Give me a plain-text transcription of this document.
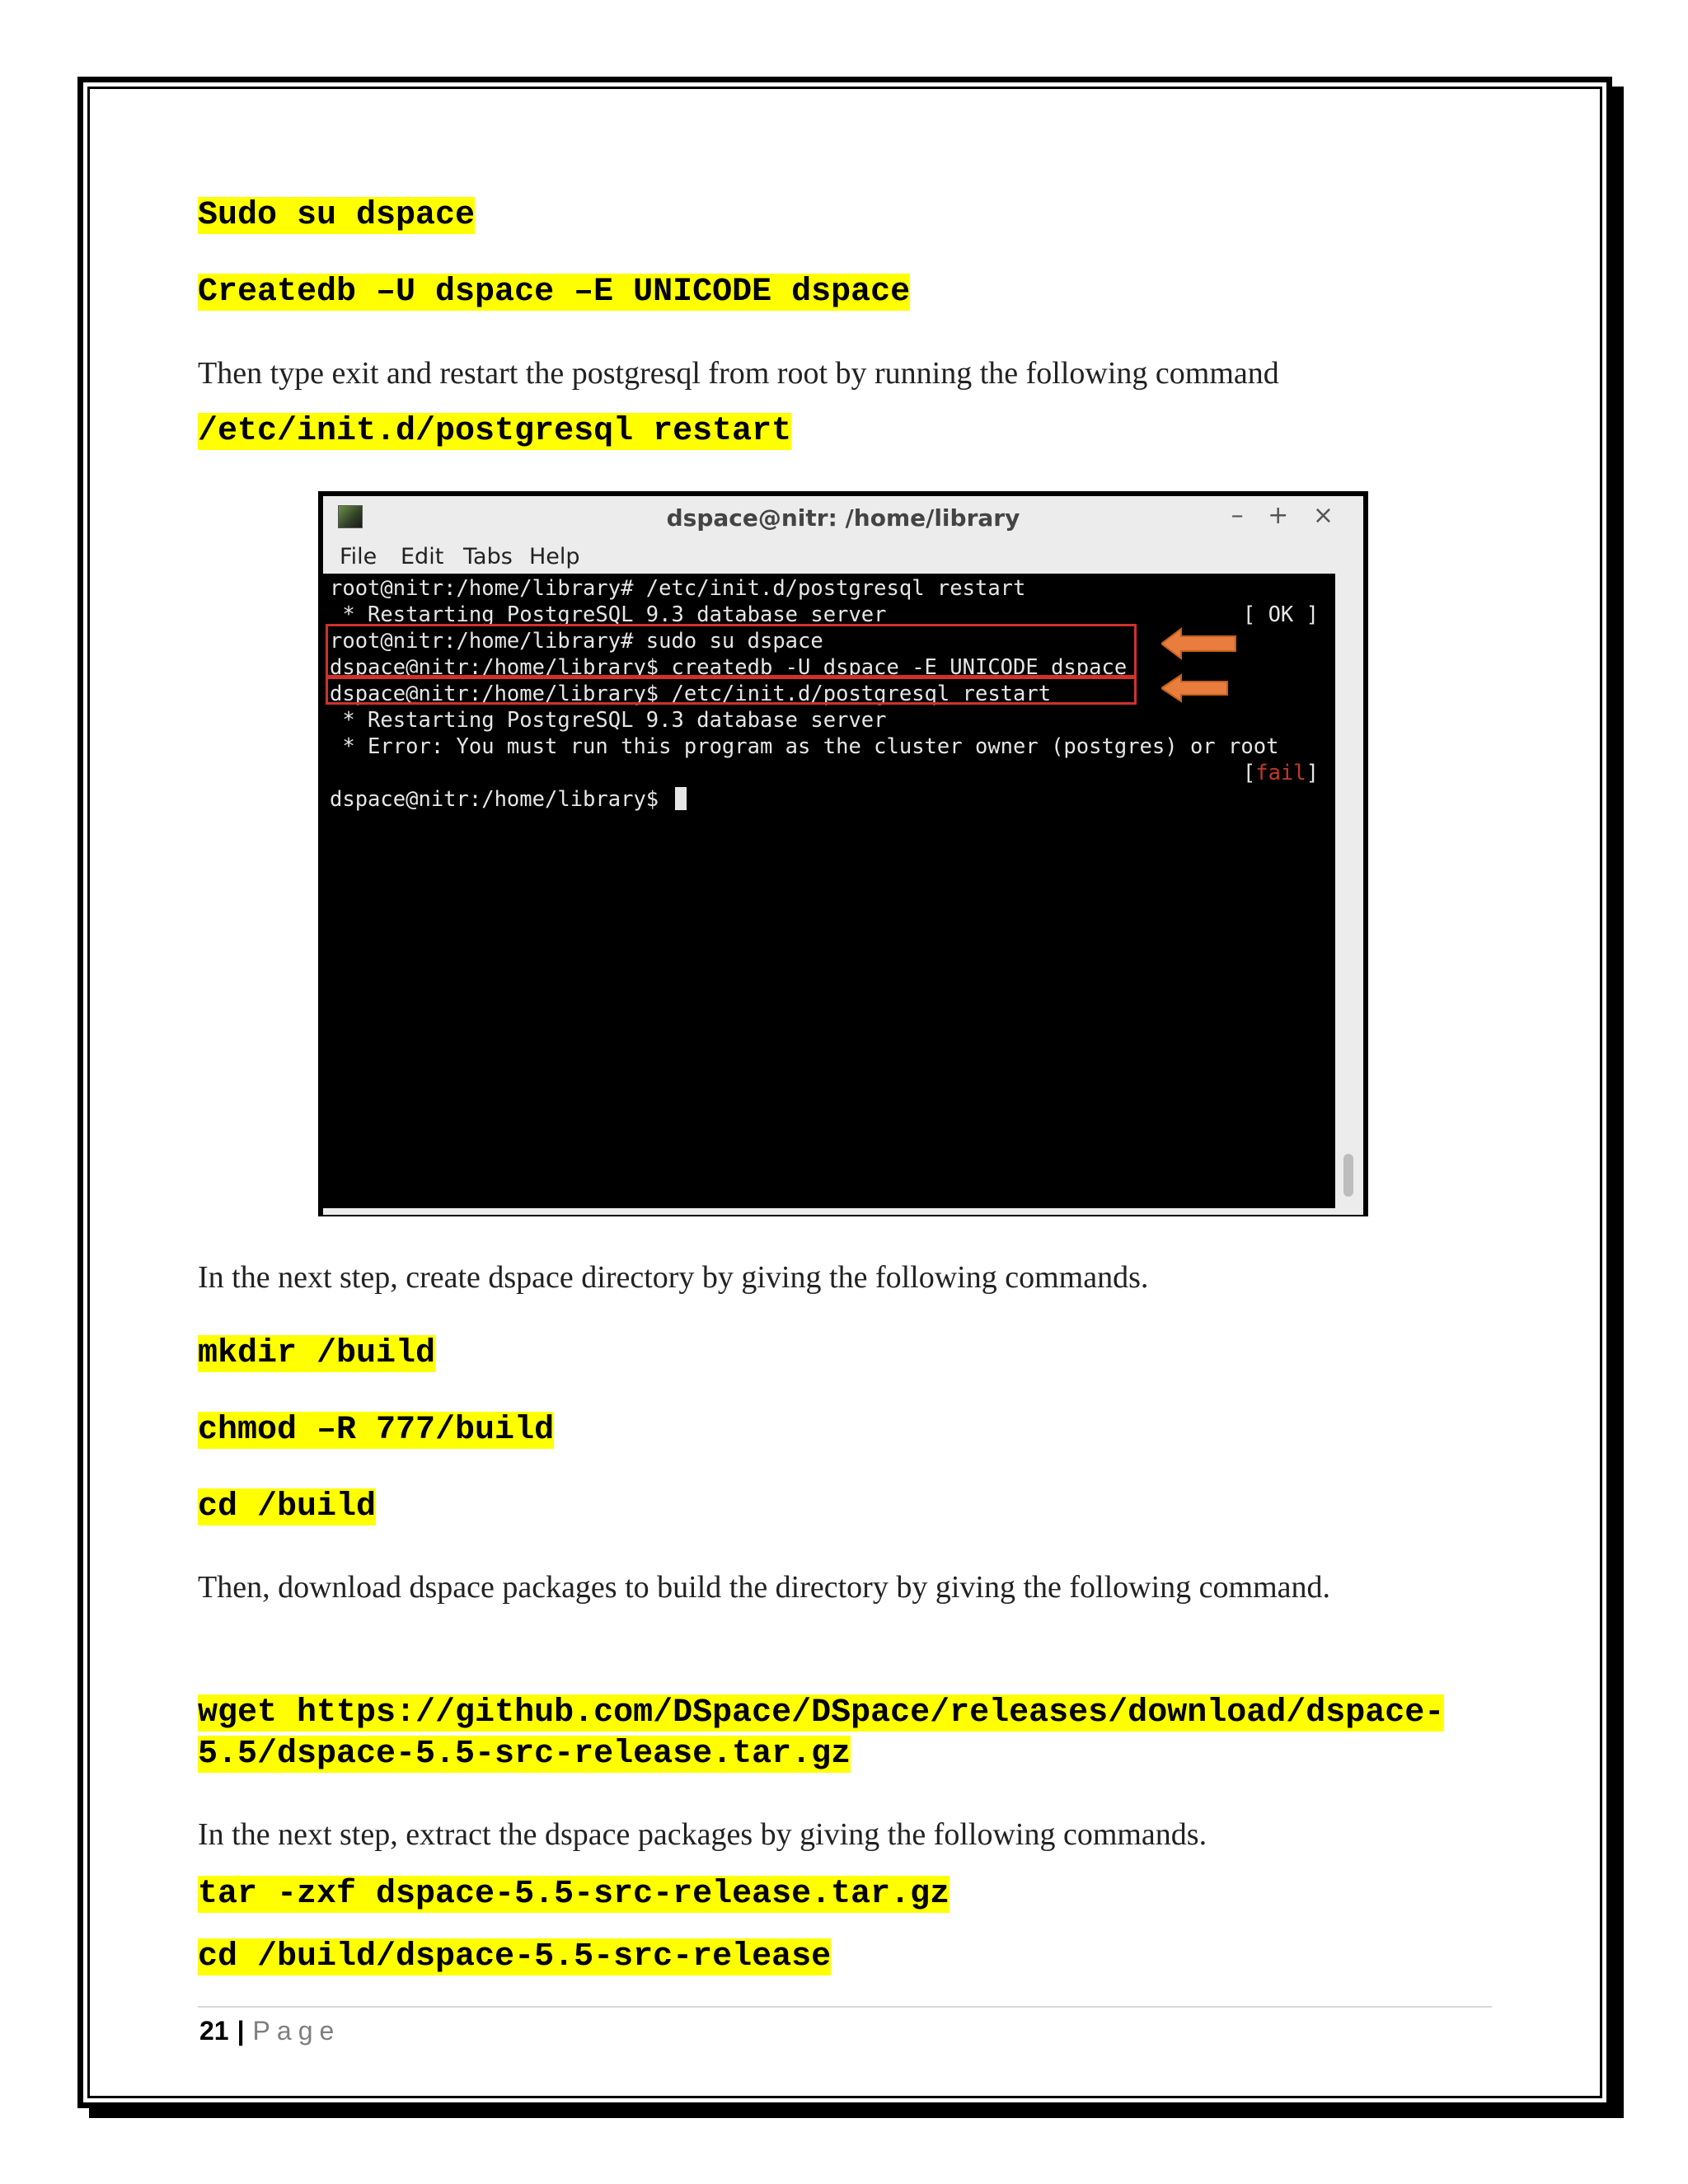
Sudo su dspace
Createdb –U dspace –E UNICODE dspace
Then type exit and restart the postgresql from root by running the following command
/etc/init.d/postgresql restart
dspace@nitr: /home/library	– + ×
File Edit Tabs Help

root@nitr:/home/library# /etc/init.d/postgresql restart

* Restarting PostgreSQL 9.3 database server

	[ OK ]

root@nitr:/home/library# sudo su dspace

dspace@nitr:/home/library$ createdb -U dspace -E UNICODE dspace

dspace@nitr:/home/library$ /etc/init.d/postgresql restart

* Restarting PostgreSQL 9.3 database server

* Error: You must run this program as the cluster owner (postgres) or root

[fail]

dspace@nitr:/home/library$

In the next step, create dspace directory by giving the following commands.
mkdir /build
chmod –R 777/build
cd /build
Then, download dspace packages to build the directory by giving the following command.
wget https://github.com/DSpace/DSpace/releases/download/dspace-
5.5/dspace-5.5-src-release.tar.gz
In the next step, extract the dspace packages by giving the following commands.
tar -zxf dspace-5.5-src-release.tar.gz
cd /build/dspace-5.5-src-release
21 | Page
